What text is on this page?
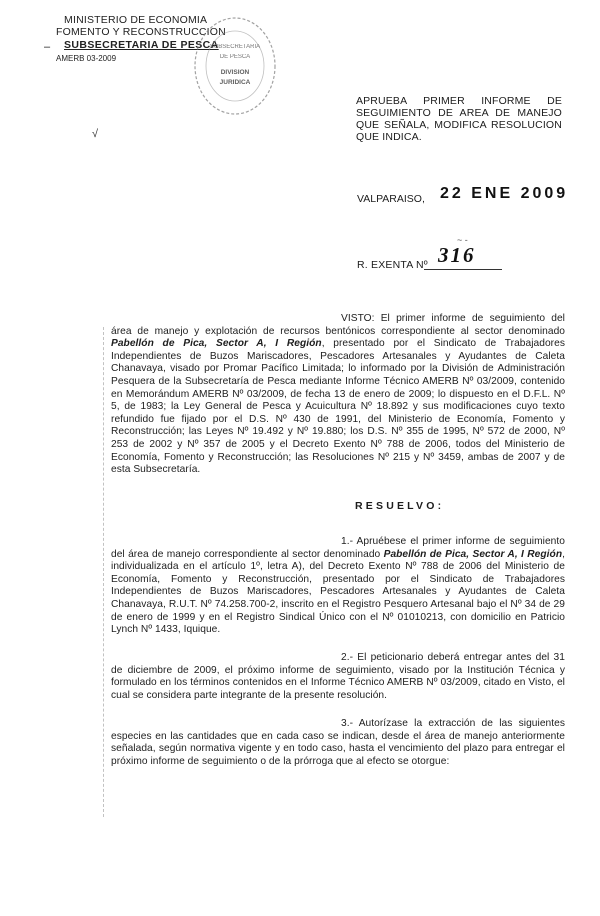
MINISTERIO DE ECONOMIA
FOMENTO Y RECONSTRUCCION
SUBSECRETARIA DE PESCA
AMERB 03-2009
–
√
SUBSECRETARIA
DE PESCA
DIVISION
JURIDICA

APRUEBA PRIMER INFORME DE SEGUIMIENTO DE AREA DE MANEJO QUE SEÑALA, MODIFICA RESOLUCION QUE INDICA.

VALPARAISO, 22 ENE 2009
R. EXENTA Nº
~ -
316

VISTO: El primer informe de seguimiento del área de manejo y explotación de recursos bentónicos correspondiente al sector denominado Pabellón de Pica, Sector A, I Región, presentado por el Sindicato de Trabajadores Independientes de Buzos Mariscadores, Pescadores Artesanales y Ayudantes de Caleta Chanavaya, visado por Promar Pacífico Limitada; lo informado por la División de Administración Pesquera de la Subsecretaría de Pesca mediante Informe Técnico AMERB Nº 03/2009, contenido en Memorándum AMERB Nº 03/2009, de fecha 13 de enero de 2009; lo dispuesto en el D.F.L. Nº 5, de 1983; la Ley General de Pesca y Acuicultura Nº 18.892 y sus modificaciones cuyo texto refundido fue fijado por el D.S. Nº 430 de 1991, del Ministerio de Economía, Fomento y Reconstrucción; las Leyes Nº 19.492 y Nº 19.880; los D.S. Nº 355 de 1995, Nº 572 de 2000, Nº 253 de 2002 y Nº 357 de 2005 y el Decreto Exento Nº 788 de 2006, todos del Ministerio de Economía, Fomento y Reconstrucción; las Resoluciones Nº 215 y Nº 3459, ambas de 2007 y de esta Subsecretaría.

RESUELVO:

1.- Apruébese el primer informe de seguimiento del área de manejo correspondiente al sector denominado Pabellón de Pica, Sector A, I Región, individualizada en el artículo 1º, letra A), del Decreto Exento Nº 788 de 2006 del Ministerio de Economía, Fomento y Reconstrucción, presentado por el Sindicato de Trabajadores Independientes de Buzos Mariscadores, Pescadores Artesanales y Ayudantes de Caleta Chanavaya, R.U.T. Nº 74.258.700-2, inscrito en el Registro Pesquero Artesanal bajo el Nº 34 de 29 de enero de 1999 y en el Registro Sindical Único con el Nº 01010213, con domicilio en Patricio Lynch Nº 1433, Iquique.

2.- El peticionario deberá entregar antes del 31 de diciembre de 2009, el próximo informe de seguimiento, visado por la Institución Técnica y formulado en los términos contenidos en el Informe Técnico AMERB Nº 03/2009, citado en Visto, el cual se considera parte integrante de la presente resolución.

3.- Autorízase la extracción de las siguientes especies en las cantidades que en cada caso se indican, desde el área de manejo anteriormente señalada, según normativa vigente y en todo caso, hasta el vencimiento del plazo para entregar el próximo informe de seguimiento o de la prórroga que al efecto se otorgue:
